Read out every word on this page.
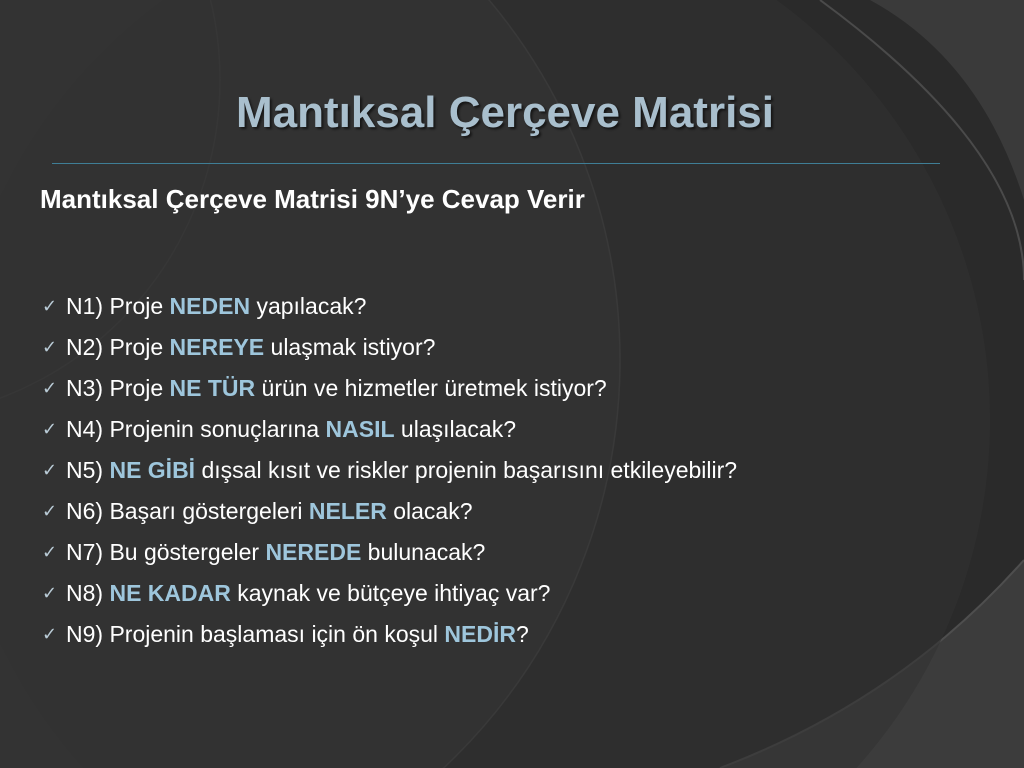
Mantıksal Çerçeve Matrisi
Mantıksal Çerçeve Matrisi 9N’ye Cevap Verir
✓ N1) Proje NEDEN yapılacak?
✓ N2) Proje NEREYE ulaşmak istiyor?
✓ N3) Proje NE TÜR ürün ve hizmetler üretmek istiyor?
✓ N4) Projenin sonuçlarına NASIL ulaşılacak?
✓ N5) NE GİBİ dışsal kısıt ve riskler projenin başarısını etkileyebilir?
✓ N6) Başarı göstergeleri NELER olacak?
✓ N7) Bu göstergeler NEREDE bulunacak?
✓ N8) NE KADAR kaynak ve bütçeye ihtiyaç var?
✓ N9) Projenin başlaması için ön koşul NEDİR ?
